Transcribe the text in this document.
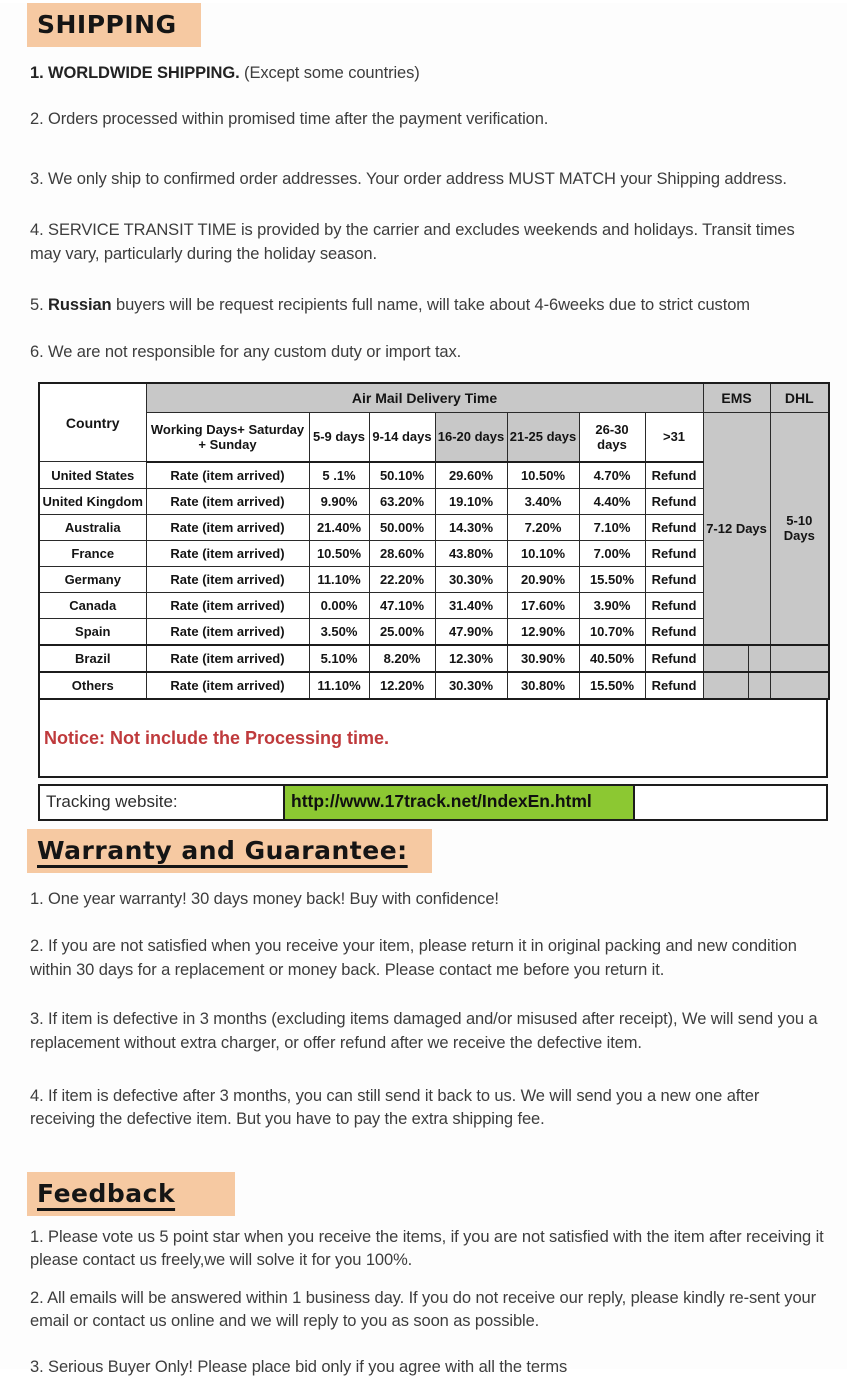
SHIPPING

1. WORLDWIDE SHIPPING. (Except some countries)

2. Orders processed within promised time after the payment verification.

3. We only ship to confirmed order addresses. Your order address MUST MATCH your Shipping address.

4. SERVICE TRANSIT TIME is provided by the carrier and excludes weekends and holidays. Transit times may vary, particularly during the holiday season.

5. Russian buyers will be request recipients full name, will take about 4-6weeks due to strict custom

6. We are not responsible for any custom duty or import tax.

Country	Air Mail Delivery Time							EMS		DHL
	Working Days+ Saturday + Sunday	5-9 days	9-14 days	16-20 days	21-25 days	26-30 days	>31	7-12 Days		5-10 Days
United States	Rate (item arrived)	5 .1%	50.10%	29.60%	10.50%	4.70%	Refund			
United Kingdom	Rate (item arrived)	9.90%	63.20%	19.10%	3.40%	4.40%	Refund			
Australia	Rate (item arrived)	21.40%	50.00%	14.30%	7.20%	7.10%	Refund			
France	Rate (item arrived)	10.50%	28.60%	43.80%	10.10%	7.00%	Refund			
Germany	Rate (item arrived)	11.10%	22.20%	30.30%	20.90%	15.50%	Refund			
Canada	Rate (item arrived)	0.00%	47.10%	31.40%	17.60%	3.90%	Refund			
Spain	Rate (item arrived)	3.50%	25.00%	47.90%	12.90%	10.70%	Refund			
Brazil	Rate (item arrived)	5.10%	8.20%	12.30%	30.90%	40.50%	Refund			
Others	Rate (item arrived)	11.10%	12.20%	30.30%	30.80%	15.50%	Refund			
Notice: Not include the Processing time.
Tracking website:	http://www.17track.net/IndexEn.html
Warranty and Guarantee:

1. One year warranty! 30 days money back! Buy with confidence!

2. If you are not satisfied when you receive your item, please return it in original packing and new condition within 30 days for a replacement or money back. Please contact me before you return it.

3. If item is defective in 3 months (excluding items damaged and/or misused after receipt), We will send you a replacement without extra charger, or offer refund after we receive the defective item.

4. If item is defective after 3 months, you can still send it back to us. We will send you a new one after receiving the defective item. But you have to pay the extra shipping fee.

Feedback

1. Please vote us 5 point star when you receive the items, if you are not satisfied with the item after receiving it please contact us freely,we will solve it for you 100%.

2. All emails will be answered within 1 business day. If you do not receive our reply, please kindly re-sent your email or contact us online and we will reply to you as soon as possible.

3. Serious Buyer Only! Please place bid only if you agree with all the terms
